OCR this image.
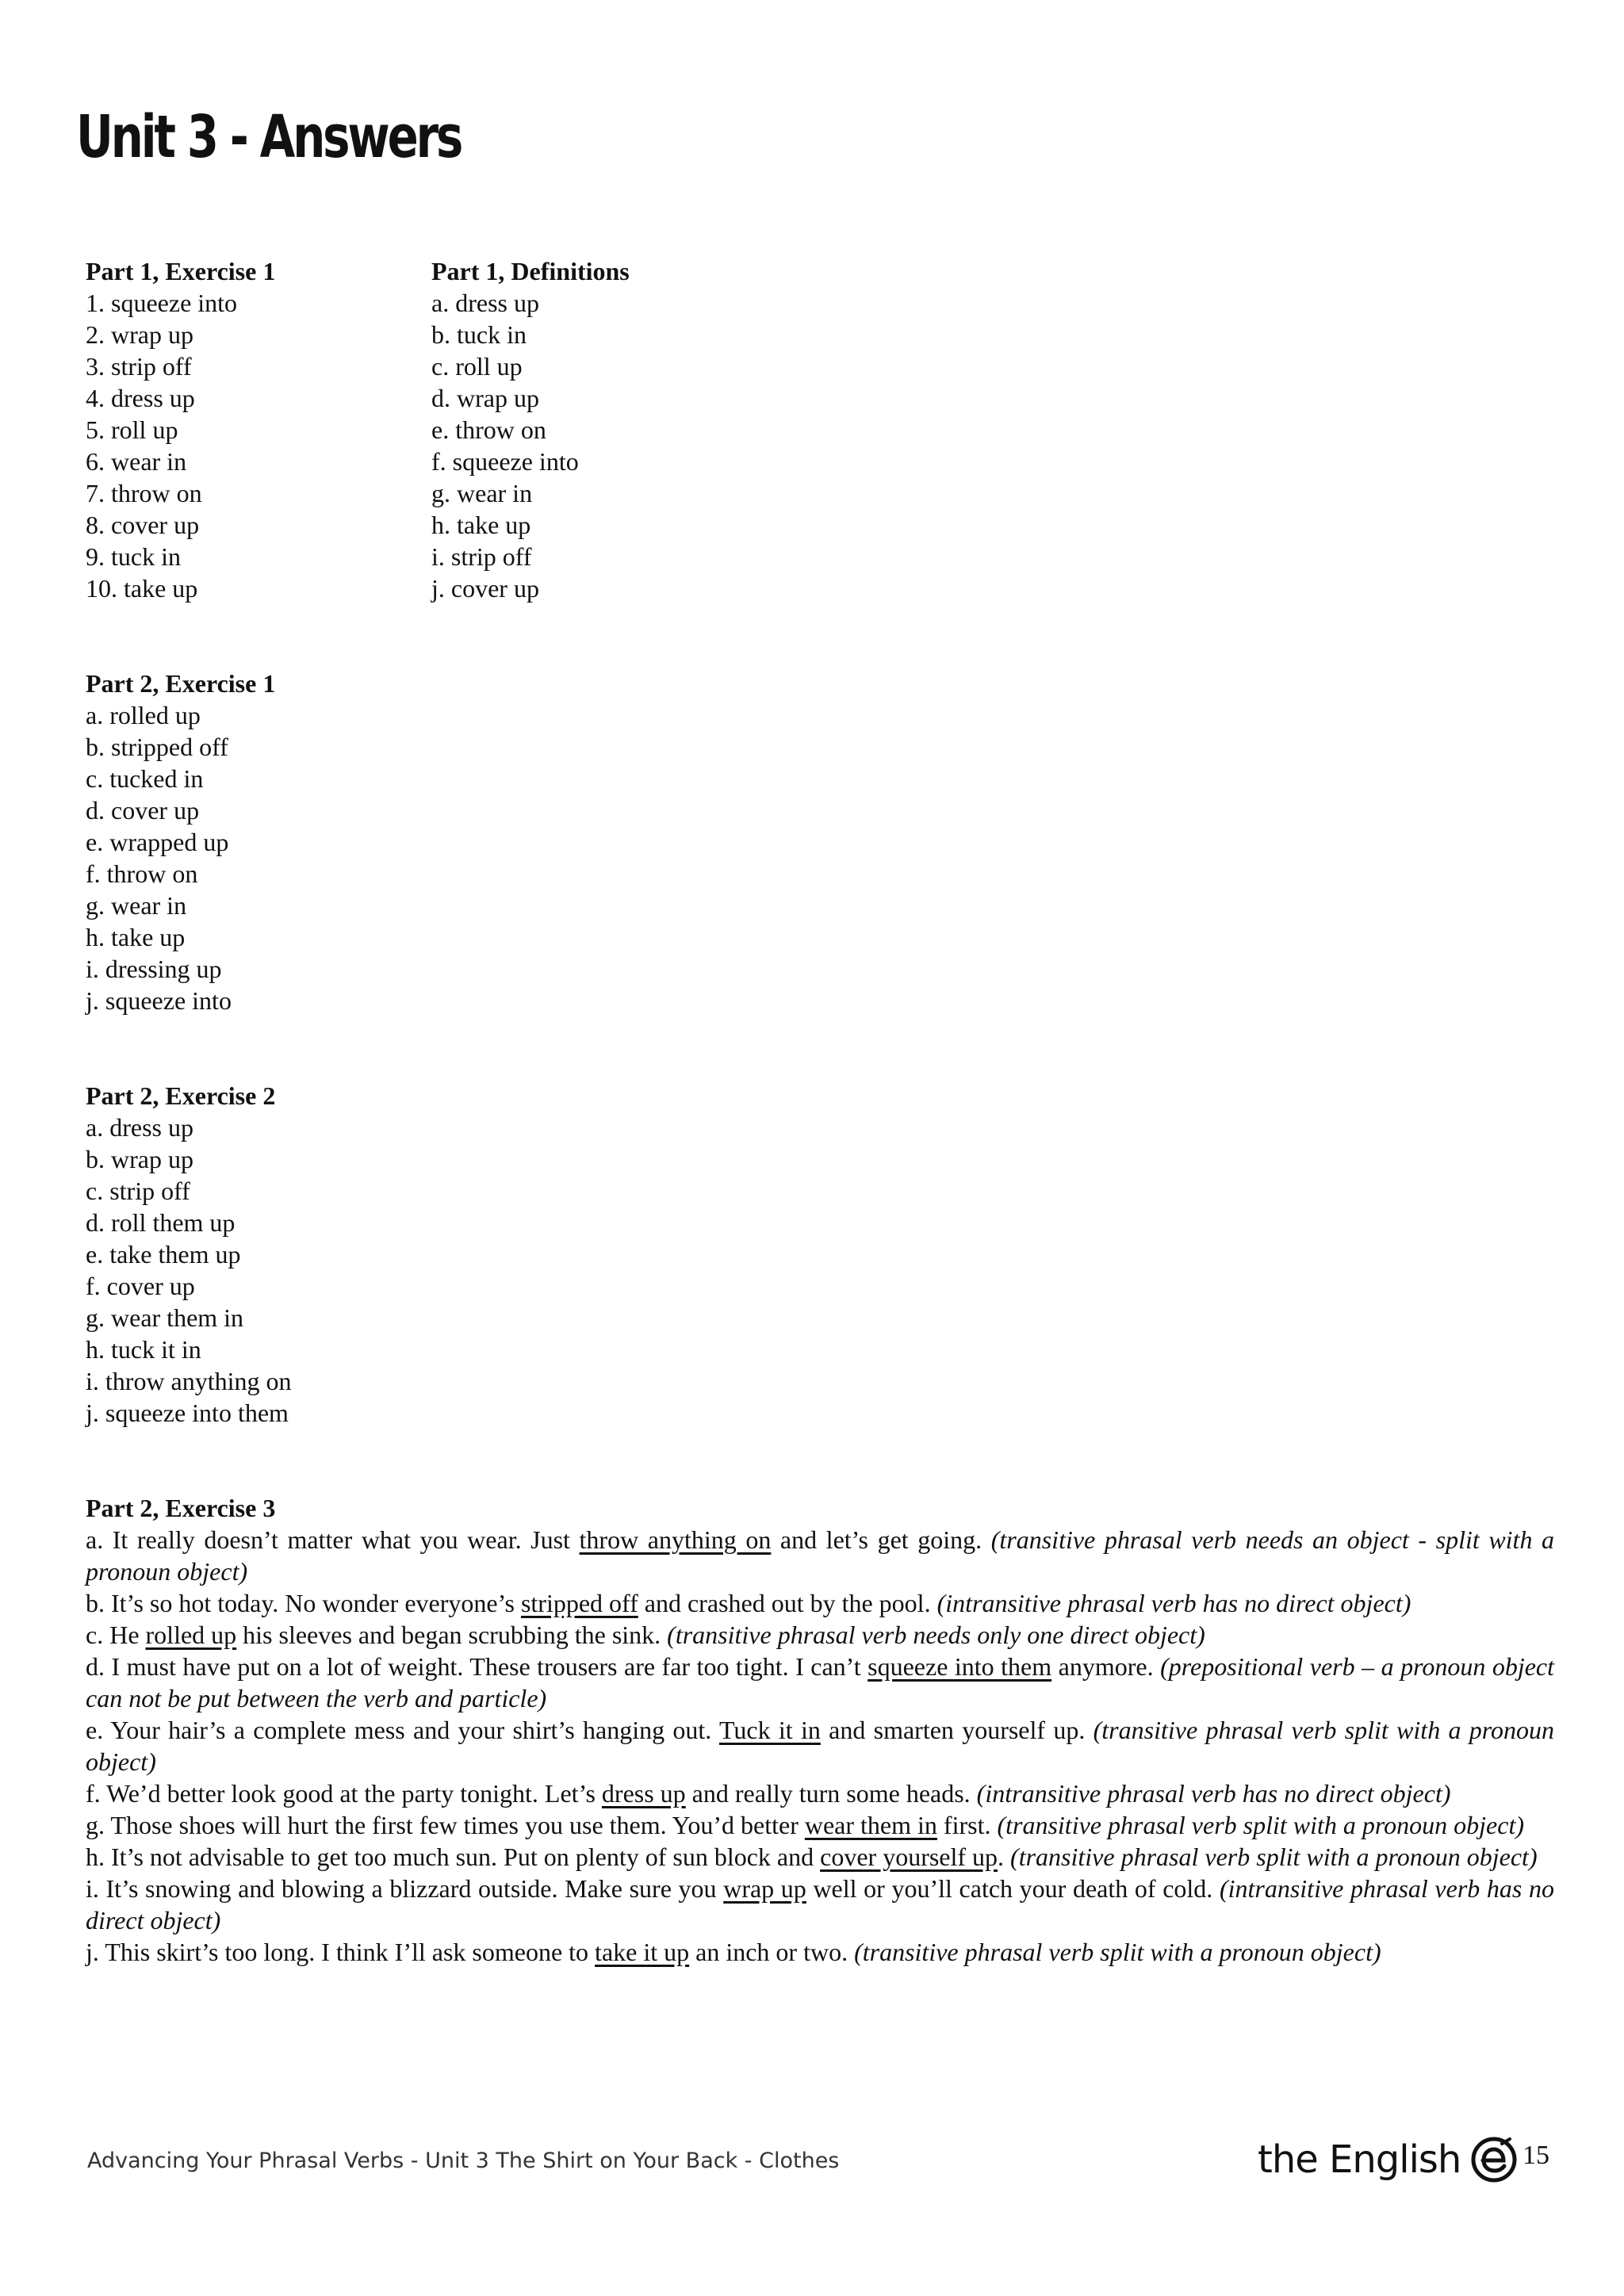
Unit 3 - Answers
Part 1, Exercise 1
1. squeeze into
2. wrap up
3. strip off
4. dress up
5. roll up
6. wear in
7. throw on
8. cover up
9. tuck in
10. take up
Part 1, Definitions
a. dress up
b. tuck in
c. roll up
d. wrap up
e. throw on
f. squeeze into
g. wear in
h. take up
i. strip off
j. cover up
Part 2, Exercise 1
a. rolled up
b. stripped off
c. tucked in
d. cover up
e. wrapped up
f. throw on
g. wear in
h. take up
i. dressing up
j. squeeze into
Part 2, Exercise 2
a. dress up
b. wrap up
c. strip off
d. roll them up
e. take them up
f. cover up
g. wear them in
h. tuck it in
i. throw anything on
j. squeeze into them
Part 2, Exercise 3

a. It really doesn’t matter what you wear. Just throw anything on and let’s get going. (transitive phrasal verb needs an object - split with a pronoun object)

b. It’s so hot today. No wonder everyone’s stripped off and crashed out by the pool. (intransitive phrasal verb has no direct object)

c. He rolled up his sleeves and began scrubbing the sink. (transitive phrasal verb needs only one direct object)

d. I must have put on a lot of weight. These trousers are far too tight. I can’t squeeze into them anymore. (prepositional verb – a pronoun object can not be put between the verb and particle)

e. Your hair’s a complete mess and your shirt’s hanging out. Tuck it in and smarten yourself up. (transitive phrasal verb split with a pronoun object)

f. We’d better look good at the party tonight. Let’s dress up and really turn some heads. (intransitive phrasal verb has no direct object)

g. Those shoes will hurt the first few times you use them. You’d better wear them in first. (transitive phrasal verb split with a pronoun object)

h. It’s not advisable to get too much sun. Put on plenty of sun block and cover yourself up. (transitive phrasal verb split with a pronoun object)

i. It’s snowing and blowing a blizzard outside. Make sure you wrap up well or you’ll catch your death of cold. (intransitive phrasal verb has no direct object)

j. This skirt’s too long. I think I’ll ask someone to take it up an inch or two. (transitive phrasal verb split with a pronoun object)

Advancing Your Phrasal Verbs - Unit 3 The Shirt on Your Back - Clothes	the English 15
